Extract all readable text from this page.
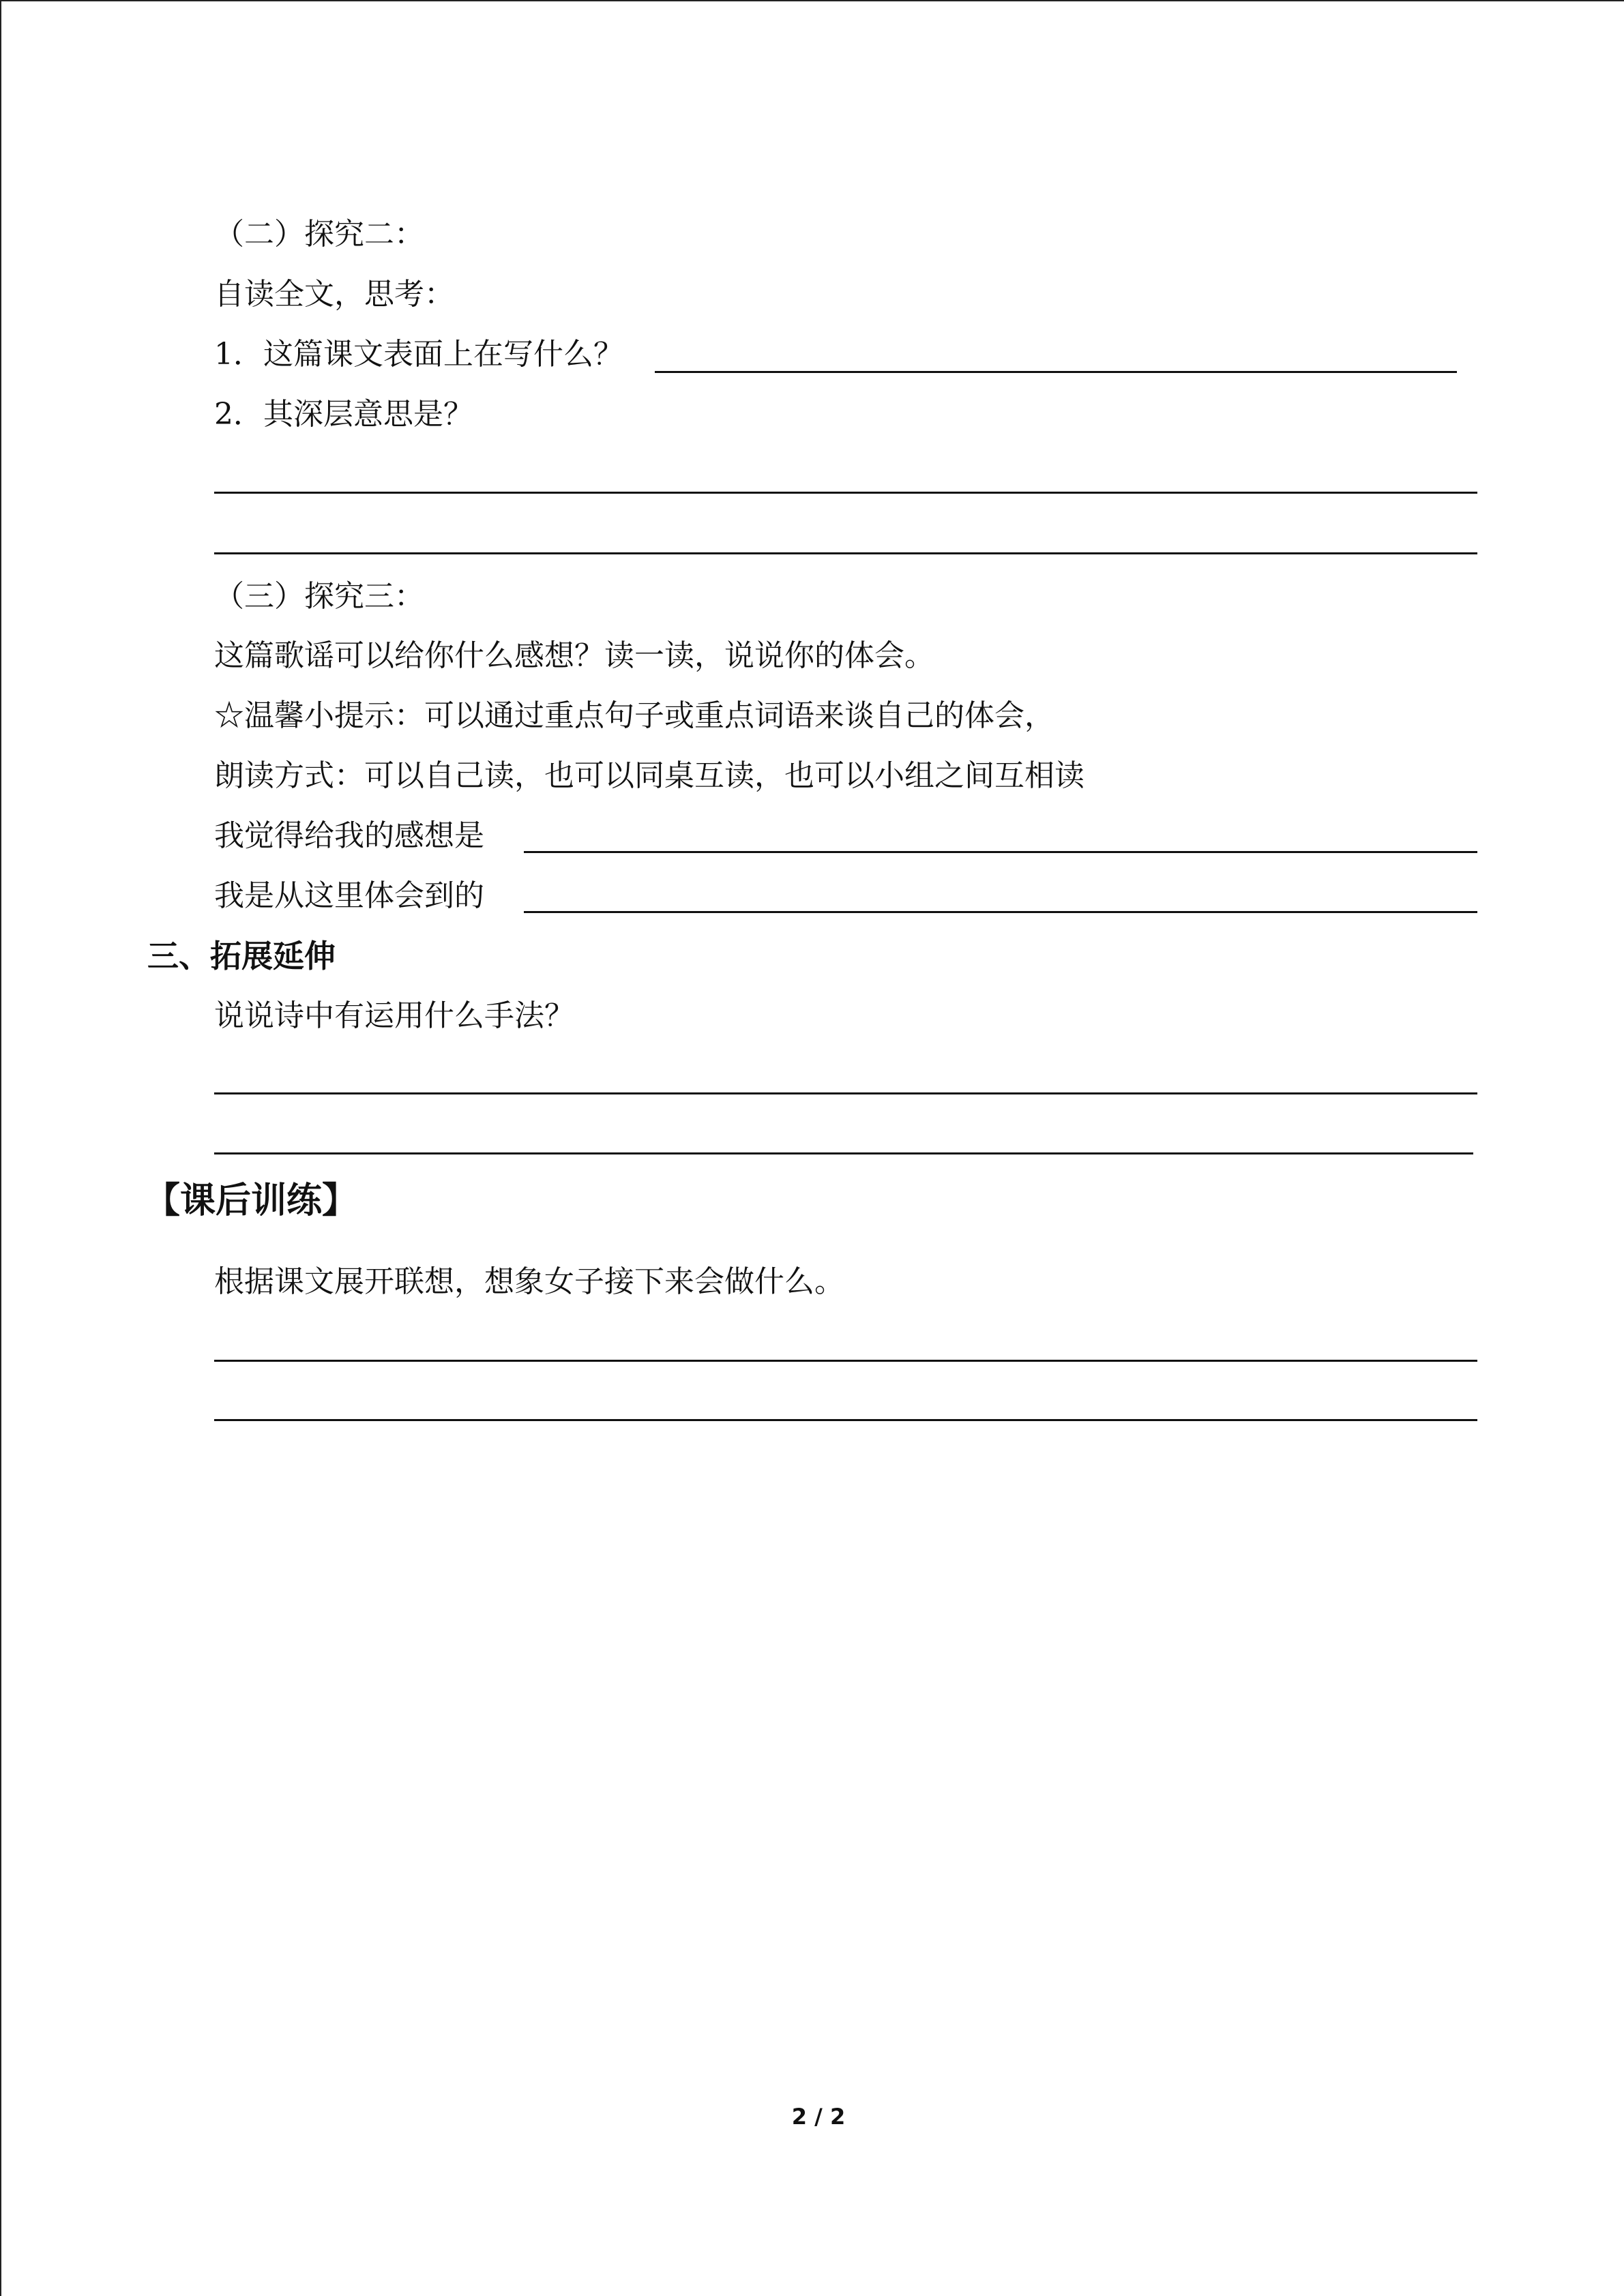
（二）探究二：
自读全文，思考：
1．这篇课文表面上在写什么？
2．其深层意思是？
（三）探究三：
这篇歌谣可以给你什么感想？读一读，说说你的体会。
☆温馨小提示：可以通过重点句子或重点词语来谈自己的体会，
朗读方式：可以自己读，也可以同桌互读，也可以小组之间互相读
我觉得给我的感想是
我是从这里体会到的
三、拓展延伸
说说诗中有运用什么手法？
【课后训练】
根据课文展开联想，想象女子接下来会做什么。
2 / 2
